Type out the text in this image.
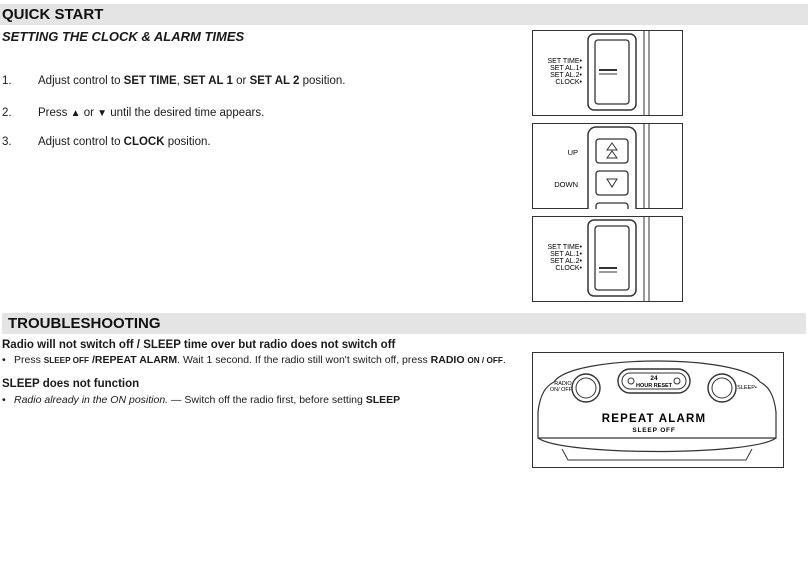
QUICK START
SETTING THE CLOCK & ALARM TIMES
1. Adjust control to SET TIME, SET AL 1 or SET AL 2 position.
2. Press ▲ or ▼ until the desired time appears.
3. Adjust control to CLOCK position.
SET TIME•
SET AL.1•
SET AL.2•
CLOCK•
UP
DOWN
SET TIME•
SET AL.1•
SET AL.2•
CLOCK•
TROUBLESHOOTING
Radio will not switch off / SLEEP time over but radio does not switch off
• Press SLEEP OFF /REPEAT ALARM. Wait 1 second. If the radio still won't switch off, press RADIO ON / OFF.
SLEEP does not function
• Radio already in the ON position. — Switch off the radio first, before setting SLEEP
RADIO
ON/ OFF
24
HOUR RESET	SLEEP•
REPEAT ALARM
SLEEP OFF
